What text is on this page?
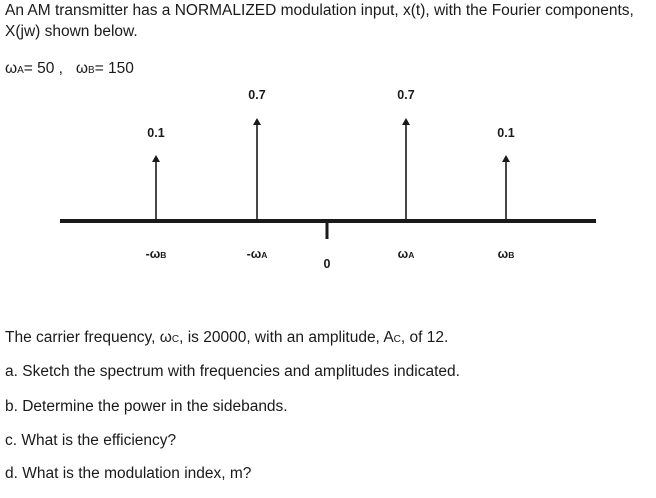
An AM transmitter has a NORMALIZED modulation input, x(t), with the Fourier components,
X(jw) shown below.
ωA= 50 , ωB= 150
0
0.1
-ωB
0.7
-ωA
0.7
ωA
0.1
ωB
The carrier frequency, ωC, is 20000, with an amplitude, AC, of 12.
a. Sketch the spectrum with frequencies and amplitudes indicated.
b. Determine the power in the sidebands.
c. What is the efficiency?
d. What is the modulation index, m?
